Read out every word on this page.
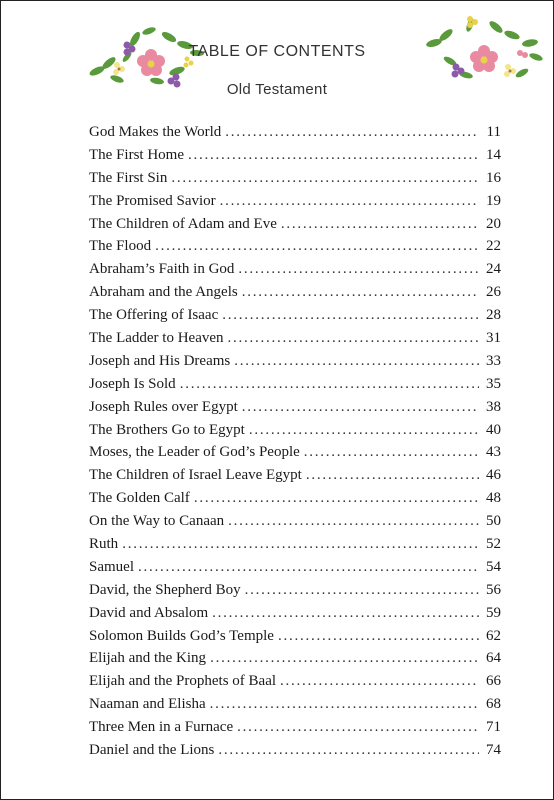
TABLE OF CONTENTS
Old Testament
God Makes the World . . .	11
The First Home . . .	14
The First Sin . . .	16
The Promised Savior . . .	19
The Children of Adam and Eve . . .	20
The Flood . . .	22
Abraham’s Faith in God . . .	24
Abraham and the Angels . . .	26
The Offering of Isaac . . .	28
The Ladder to Heaven . . .	31
Joseph and His Dreams . . .	33
Joseph Is Sold . . .	35
Joseph Rules over Egypt . . .	38
The Brothers Go to Egypt . . .	40
Moses, the Leader of God’s People . . .	43
The Children of Israel Leave Egypt . . .	46
The Golden Calf . . .	48
On the Way to Canaan . . .	50
Ruth . . .	52
Samuel . . .	54
David, the Shepherd Boy . . .	56
David and Absalom . . .	59
Solomon Builds God’s Temple . . .	62
Elijah and the King . . .	64
Elijah and the Prophets of Baal . . .	66
Naaman and Elisha . . .	68
Three Men in a Furnace . . .	71
Daniel and the Lions . . .	74
